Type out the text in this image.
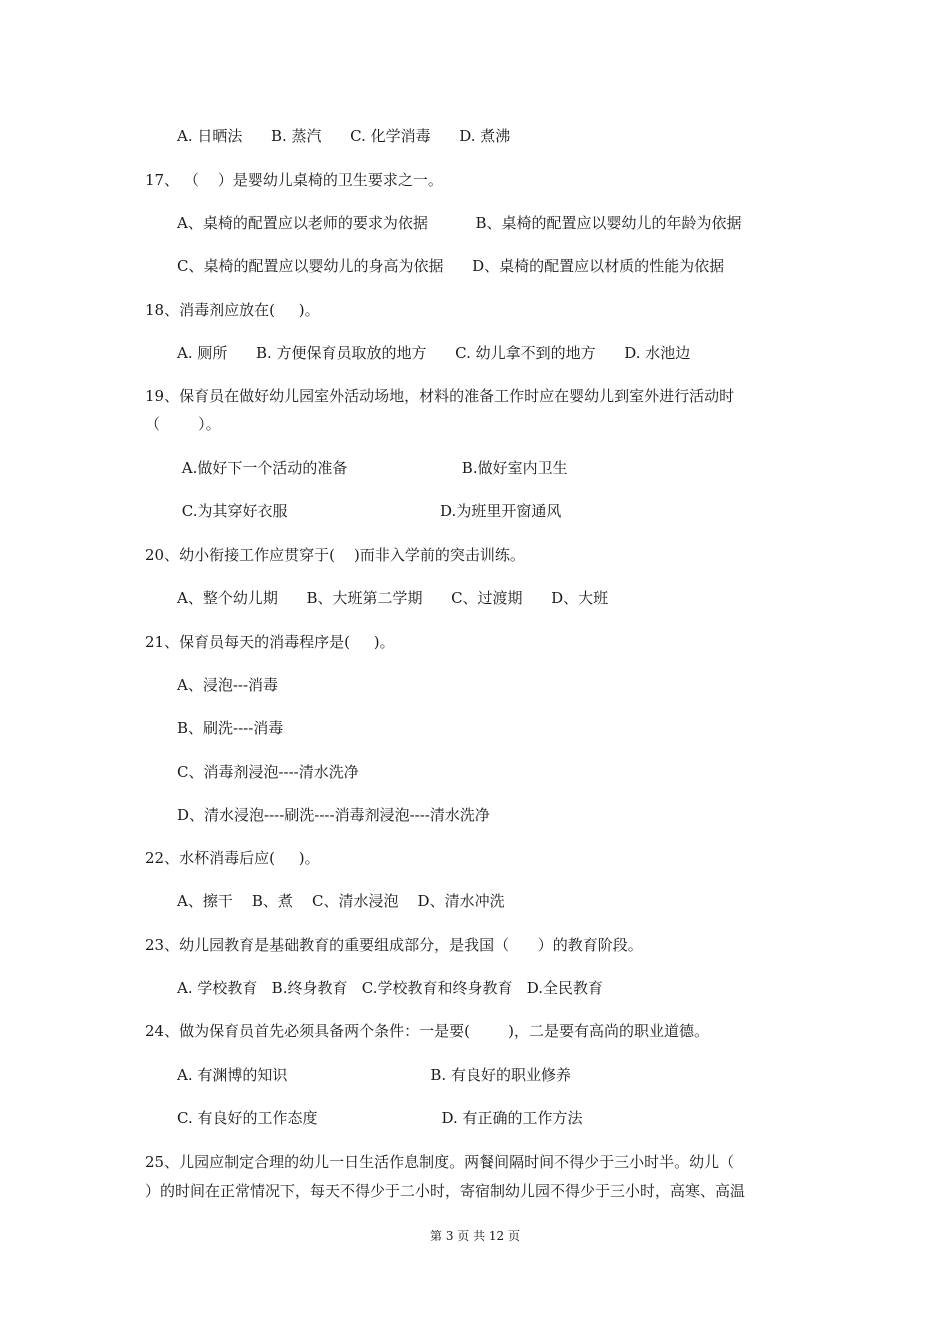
A. 日晒法      B. 蒸汽      C. 化学消毒      D. 煮沸
17、 （    ）是婴幼儿桌椅的卫生要求之一。
A、桌椅的配置应以老师的要求为依据          B、桌椅的配置应以婴幼儿的年龄为依据
C、桌椅的配置应以婴幼儿的身高为依据      D、桌椅的配置应以材质的性能为依据
18、消毒剂应放在(     )。
A. 厕所      B. 方便保育员取放的地方      C. 幼儿拿不到的地方      D. 水池边
19、保育员在做好幼儿园室外活动场地，材料的准备工作时应在婴幼儿到室外进行活动时
（        ）。
A.做好下一个活动的准备                        B.做好室内卫生
C.为其穿好衣服                                D.为班里开窗通风
20、幼小衔接工作应贯穿于(    )而非入学前的突击训练。
A、整个幼儿期      B、大班第二学期      C、过渡期      D、大班
21、保育员每天的消毒程序是(     )。
A、浸泡---消毒
B、刷洗----消毒
C、消毒剂浸泡----清水洗净
D、清水浸泡----刷洗----消毒剂浸泡----清水洗净
22、水杯消毒后应(     )。
A、擦干    B、煮    C、清水浸泡    D、清水冲洗
23、幼儿园教育是基础教育的重要组成部分，是我国（      ）的教育阶段。
A. 学校教育   B.终身教育   C.学校教育和终身教育   D.全民教育
24、做为保育员首先必须具备两个条件：一是要(        )，二是要有高尚的职业道德。
A. 有渊博的知识                              B. 有良好的职业修养
C. 有良好的工作态度                          D. 有正确的工作方法
25、儿园应制定合理的幼儿一日生活作息制度。两餐间隔时间不得少于三小时半。幼儿（
）的时间在正常情况下，每天不得少于二小时，寄宿制幼儿园不得少于三小时，高寒、高温
第 3 页 共 12 页
